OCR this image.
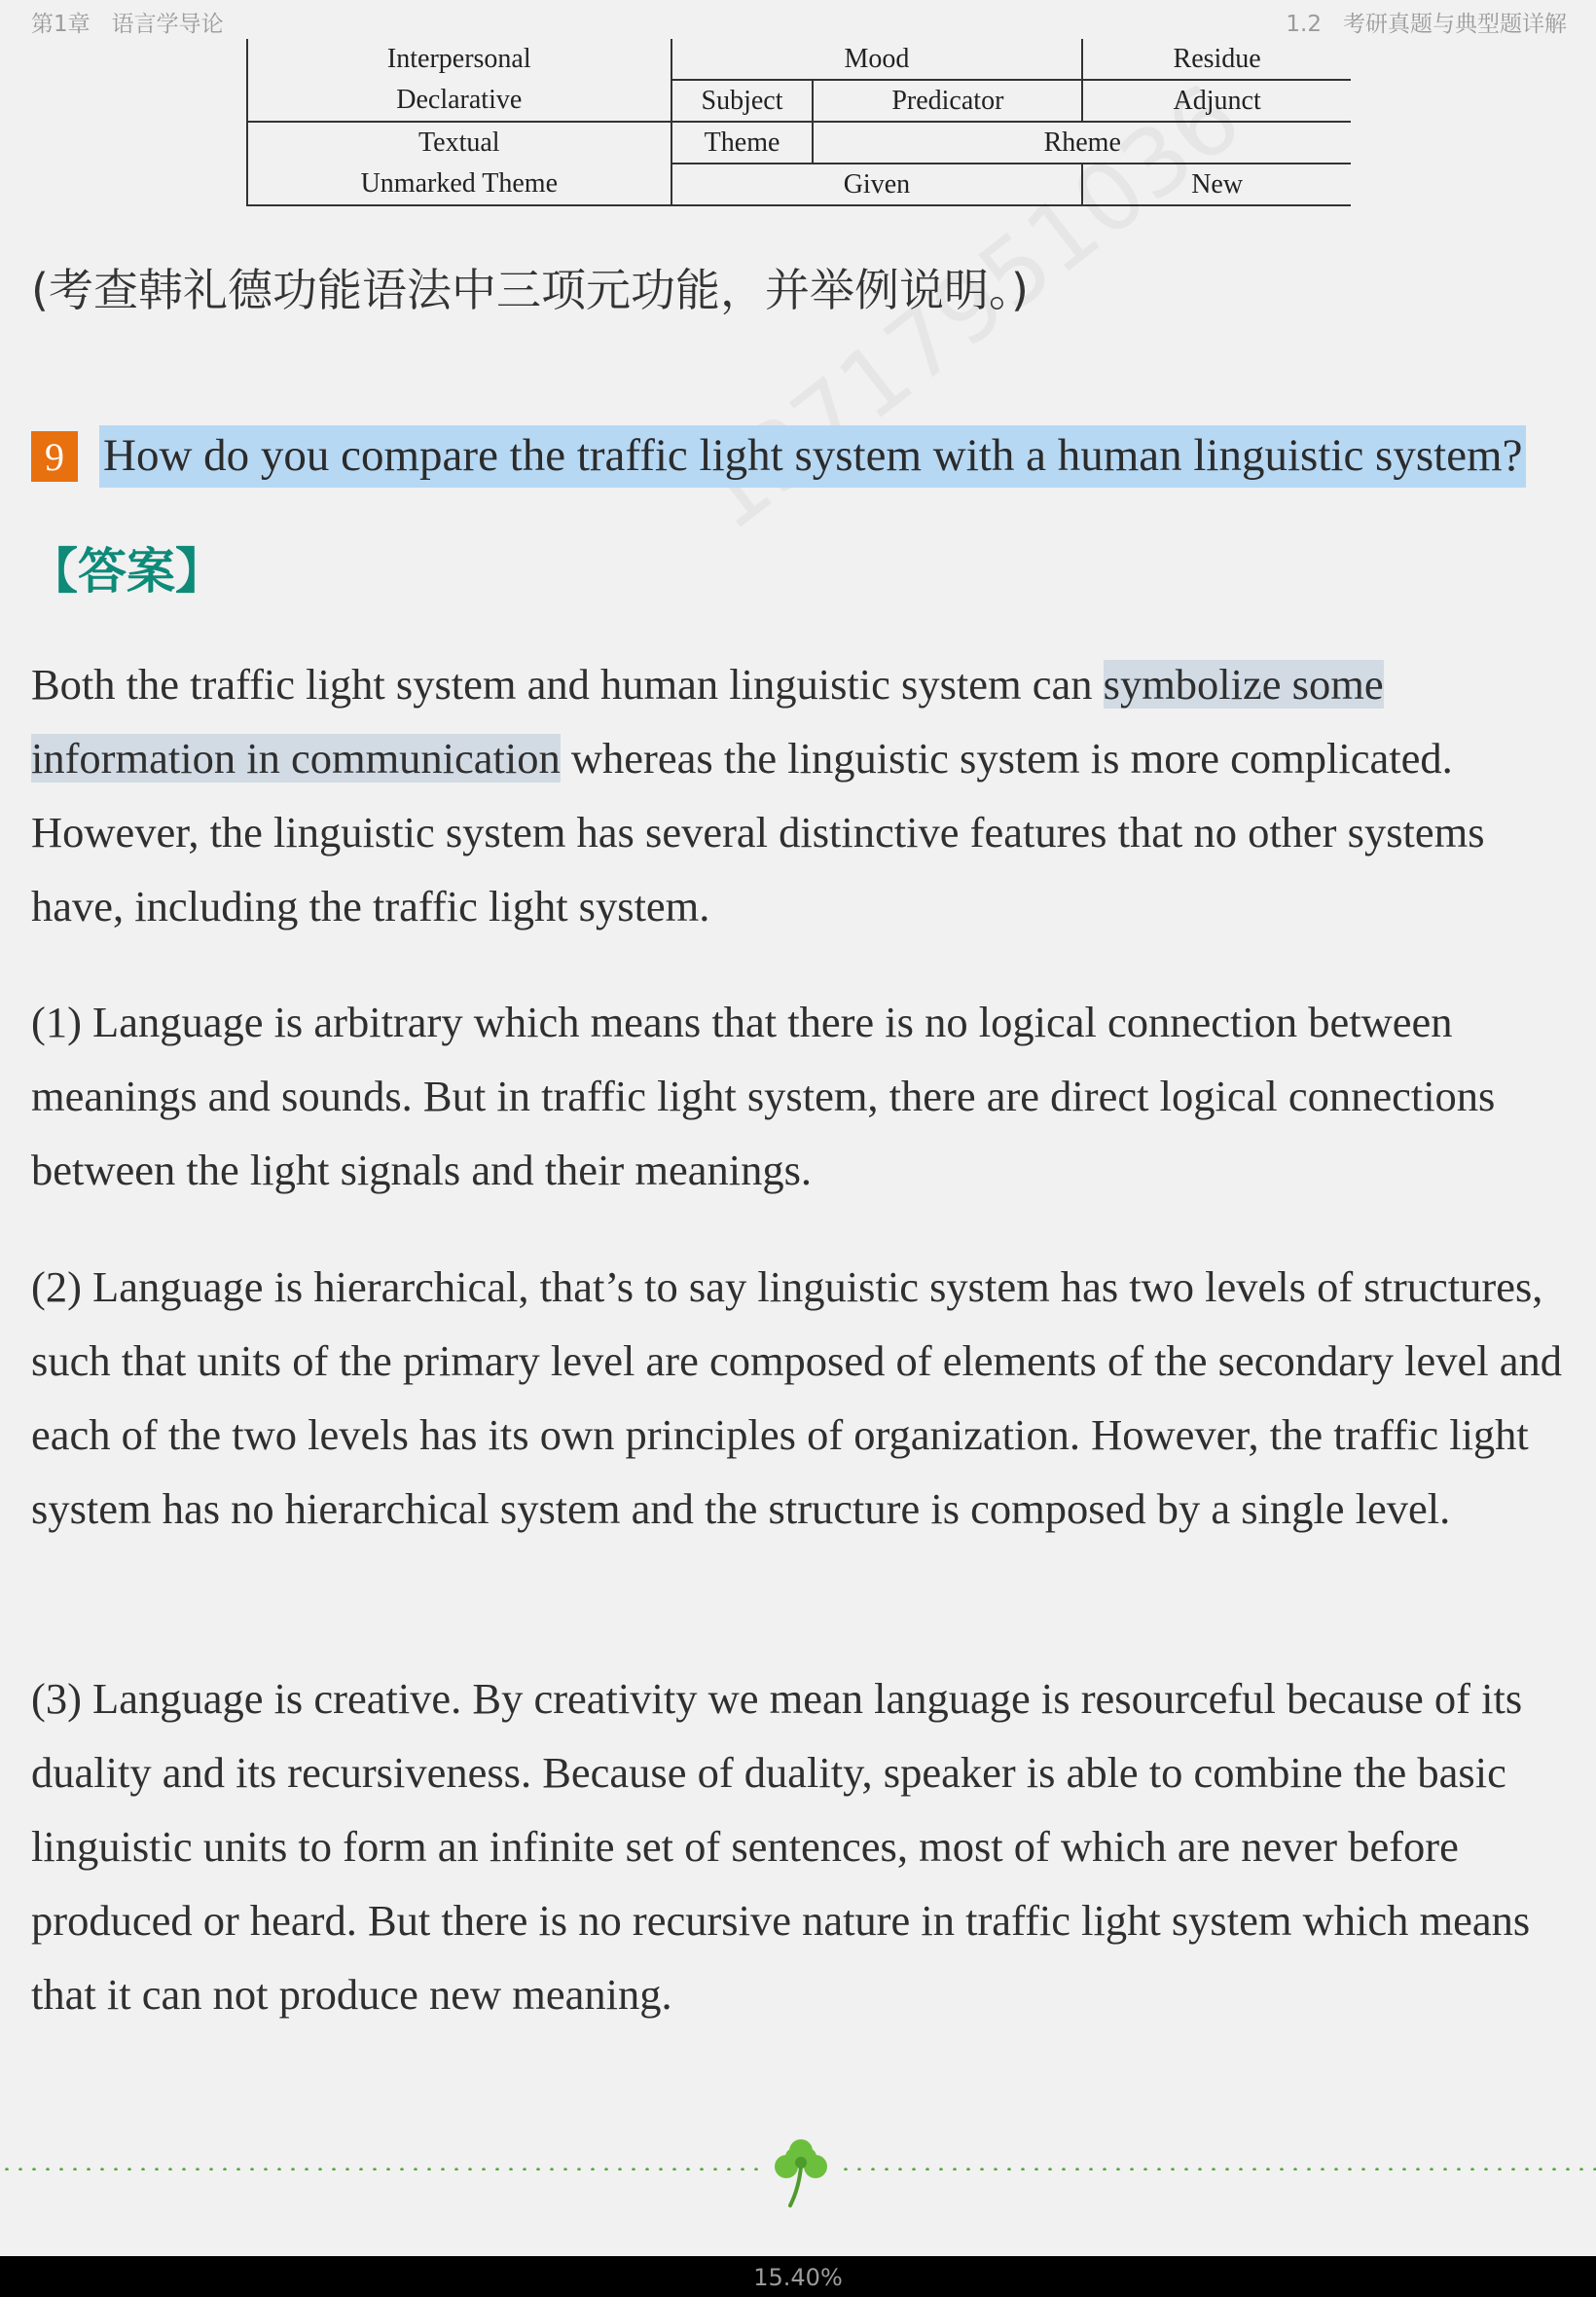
第1章 语言学导论	1.2 考研真题与典型题详解
Interpersonal	Mood		Residue
Declarative	Subject	Predicator	Adjunct
Textual	Theme	Rheme	
Unmarked Theme	Given		New
(考查韩礼德功能语法中三项元功能，并举例说明。)
9 How do you compare the traffic light system with a human linguistic system?
【答案】

Both the traffic light system and human linguistic system can symbolize some information in communication whereas the linguistic system is more complicated. However, the linguistic system has several distinctive features that no other systems have, including the traffic light system.

(1) Language is arbitrary which means that there is no logical connection between meanings and sounds. But in traffic light system, there are direct logical connections between the light signals and their meanings.

(2) Language is hierarchical, that’s to say linguistic system has two levels of structures, such that units of the primary level are composed of elements of the secondary level and each of the two levels has its own principles of organization. However, the traffic light system has no hierarchical system and the structure is composed by a single level.

(3) Language is creative. By creativity we mean language is resourceful because of its duality and its recursiveness. Because of duality, speaker is able to combine the basic linguistic units to form an infinite set of sentences, most of which are never before produced or heard. But there is no recursive nature in traffic light system which means that it can not produce new meaning.

15.40%
